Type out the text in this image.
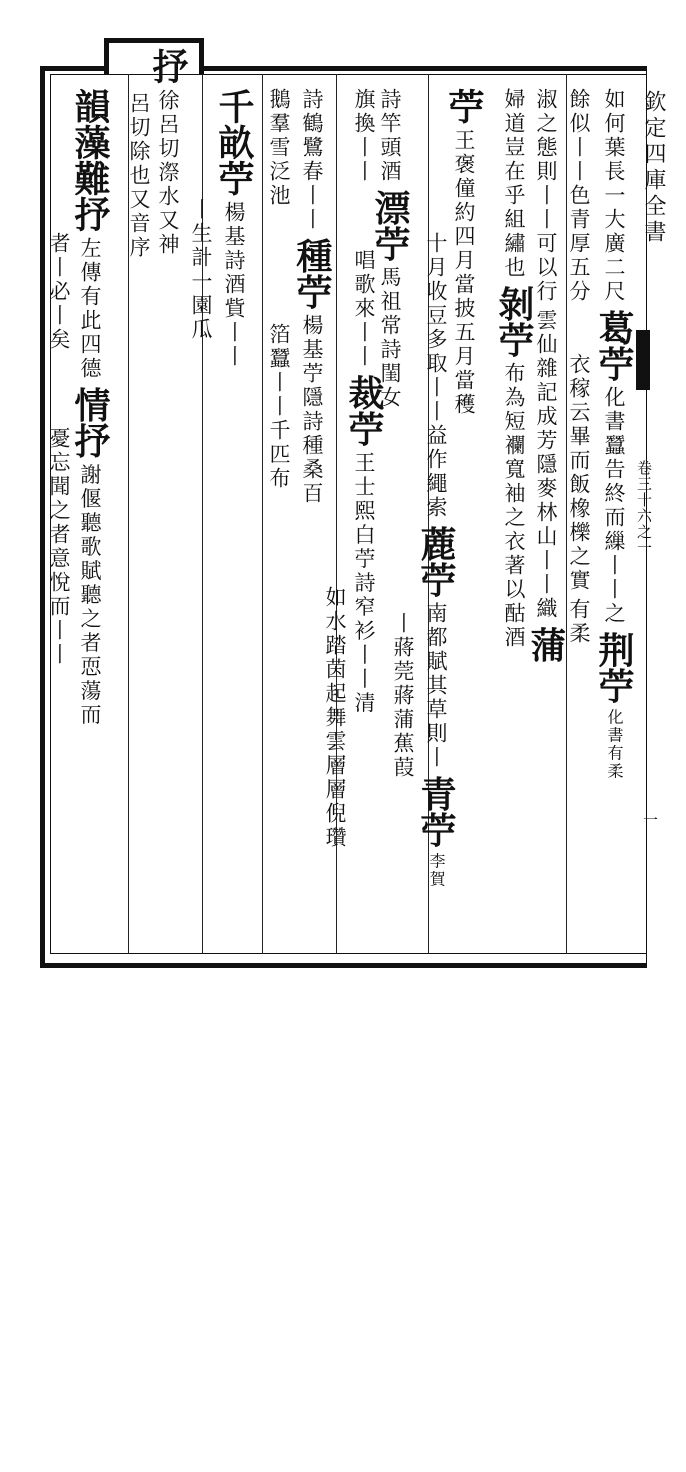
欽定四庫全書
卷三十六之一
一
如何葉長一大廣二尺 葛苧 化書蠶告終而繅丨丨之 荆苧 化書有柔
餘似丨丨色青厚五分 衣稼云畢而飯橡櫟之實 有柔
淑之態則丨丨可以行 雲仙雜記成芳隱麥林山丨丨織 蒲
婦道豈在乎組繡也 剝苧 布為短襴寬袖之衣著以酤酒
苧 王褒僮約四月當披五月當穫
十月收豆多取丨丨益作繩索 蔍苧 南都賦其草則丨 青苧 李賀
丨蔣莞蔣蒲蕉葭
詩竿頭酒 漂苧 馬祖常詩閨女
旗換丨丨 唱歌來丨丨 裁苧 王士熙白苧詩窄衫丨丨清
如水踏茵起舞雲層層倪瓚
詩鶴鷺春丨丨 種苧 楊基苧隱詩種桑百
鵝羣雪泛池 箔蠶丨丨千匹布
千畝苧 楊基詩酒貲丨丨
丨生計一園瓜
抒 徐呂切漈水又神
呂切除也又音序
韻藻難抒 左傳有此四德 情抒 謝偃聽歌賦聽之者恧蕩而
者丨必丨矣 憂忘聞之者意悅而丨丨
